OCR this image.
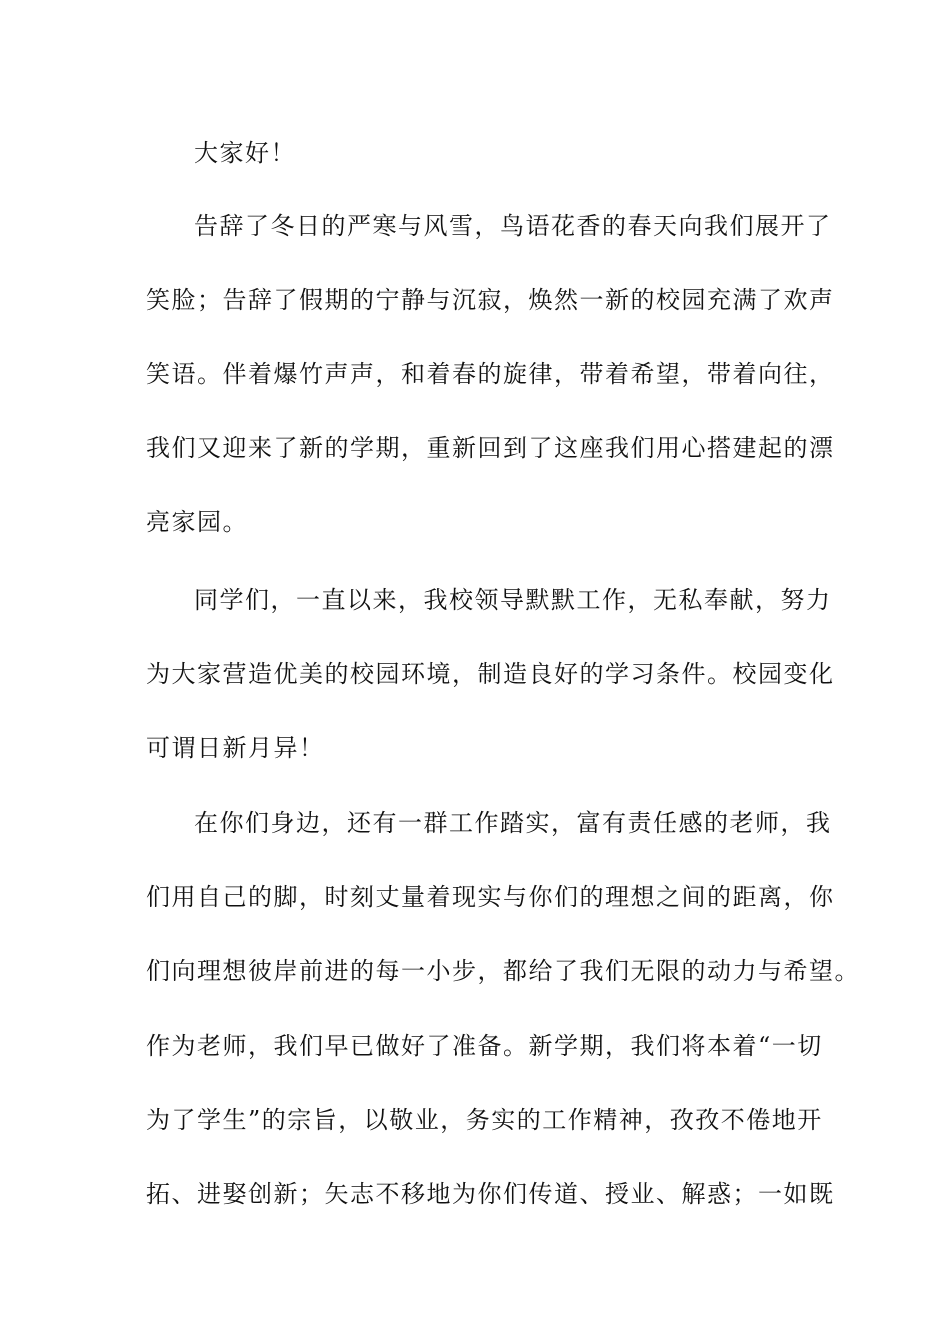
大家好！
告辞了冬日的严寒与风雪，鸟语花香的春天向我们展开了
笑脸；告辞了假期的宁静与沉寂，焕然一新的校园充满了欢声
笑语。伴着爆竹声声，和着春的旋律，带着希望，带着向往，
我们又迎来了新的学期，重新回到了这座我们用心搭建起的漂
亮家园。
同学们，一直以来，我校领导默默工作，无私奉献，努力
为大家营造优美的校园环境，制造良好的学习条件。校园变化
可谓日新月异！
在你们身边，还有一群工作踏实，富有责任感的老师，我
们用自己的脚，时刻丈量着现实与你们的理想之间的距离，你
们向理想彼岸前进的每一小步，都给了我们无限的动力与希望。
作为老师，我们早已做好了准备。新学期，我们将本着“一切
为了学生”的宗旨，以敬业，务实的工作精神，孜孜不倦地开
拓、进娶创新；矢志不移地为你们传道、授业、解惑；一如既
